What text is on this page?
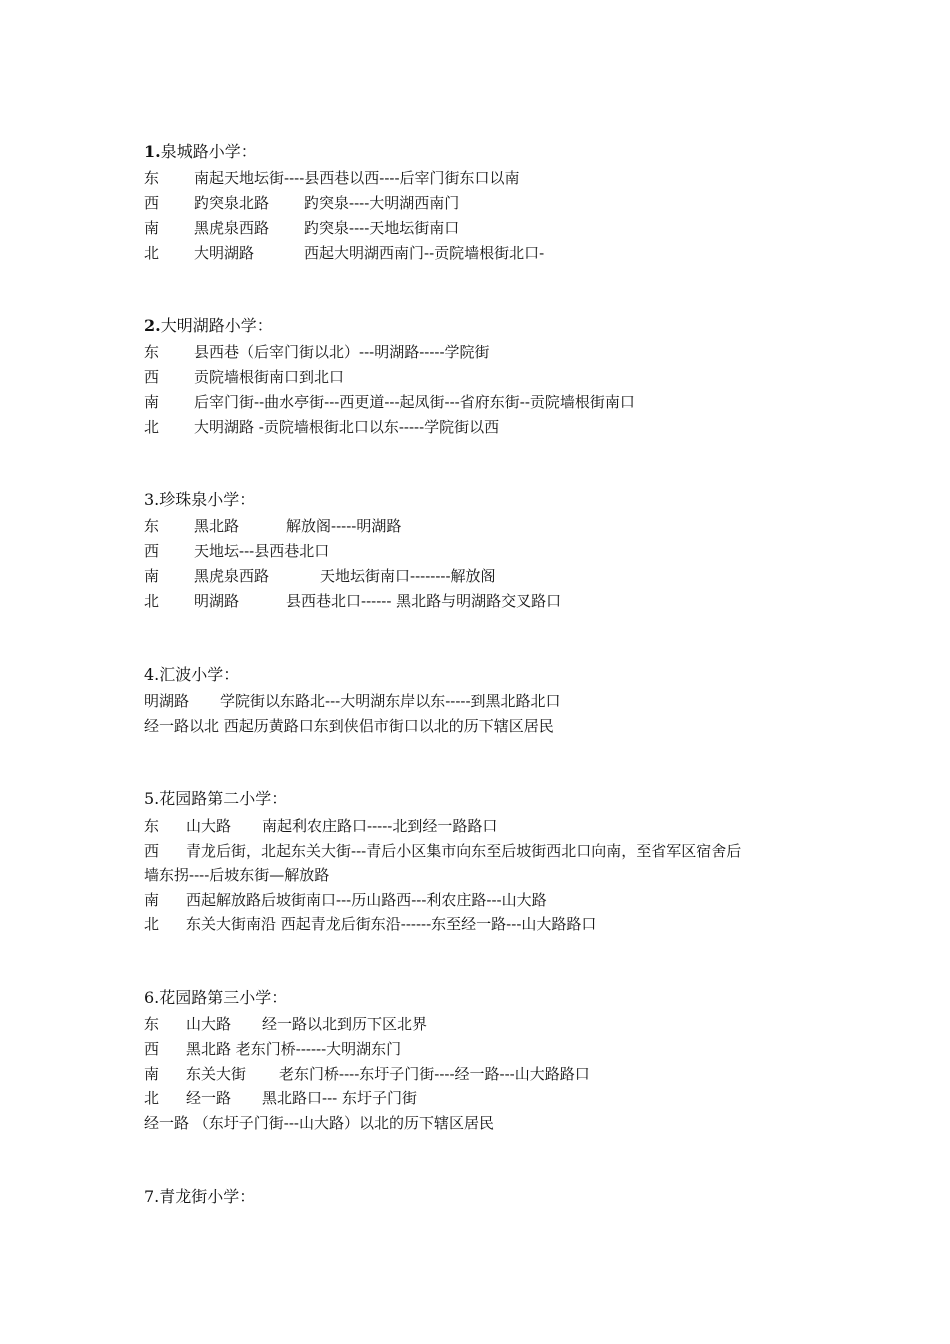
1.泉城路小学：
东 南起天地坛街----县西巷以西----后宰门街东口以南
西 趵突泉北路 趵突泉----大明湖西南门
南 黑虎泉西路 趵突泉----天地坛街南口
北 大明湖路	西起大明湖西南门--贡院墙根街北口-
2.大明湖路小学：
东 县西巷（后宰门街以北）---明湖路-----学院街
西 贡院墙根街南口到北口
南 后宰门街--曲水亭街---西更道---起凤街---省府东街--贡院墙根街南口
北 大明湖路 -贡院墙根街北口以东-----学院街以西
3.珍珠泉小学：
东 黑北路	解放阁-----明湖路
西 天地坛---县西巷北口
南 黑虎泉西路	天地坛街南口--------解放阁
北 明湖路	县西巷北口------ 黑北路与明湖路交叉路口
4.汇波小学：
明湖路 学院街以东路北---大明湖东岸以东-----到黑北路北口
经一路以北 西起历黄路口东到侠侣市街口以北的历下辖区居民
5.花园路第二小学：
东 山大路 南起利农庄路口-----北到经一路路口
西 青龙后街，北起东关大街---青后小区集市向东至后坡街西北口向南，至省军区宿舍后
墙东拐----后坡东街—解放路
南 西起解放路后坡街南口---历山路西---利农庄路---山大路
北 东关大街南沿 西起青龙后街东沿------东至经一路---山大路路口
6.花园路第三小学：
东 山大路 经一路以北到历下区北界
西 黑北路 老东门桥------大明湖东门
南 东关大街 老东门桥----东圩子门街----经一路---山大路路口
北 经一路 黑北路口--- 东圩子门街
经一路 （东圩子门街---山大路）以北的历下辖区居民
7.青龙街小学：
